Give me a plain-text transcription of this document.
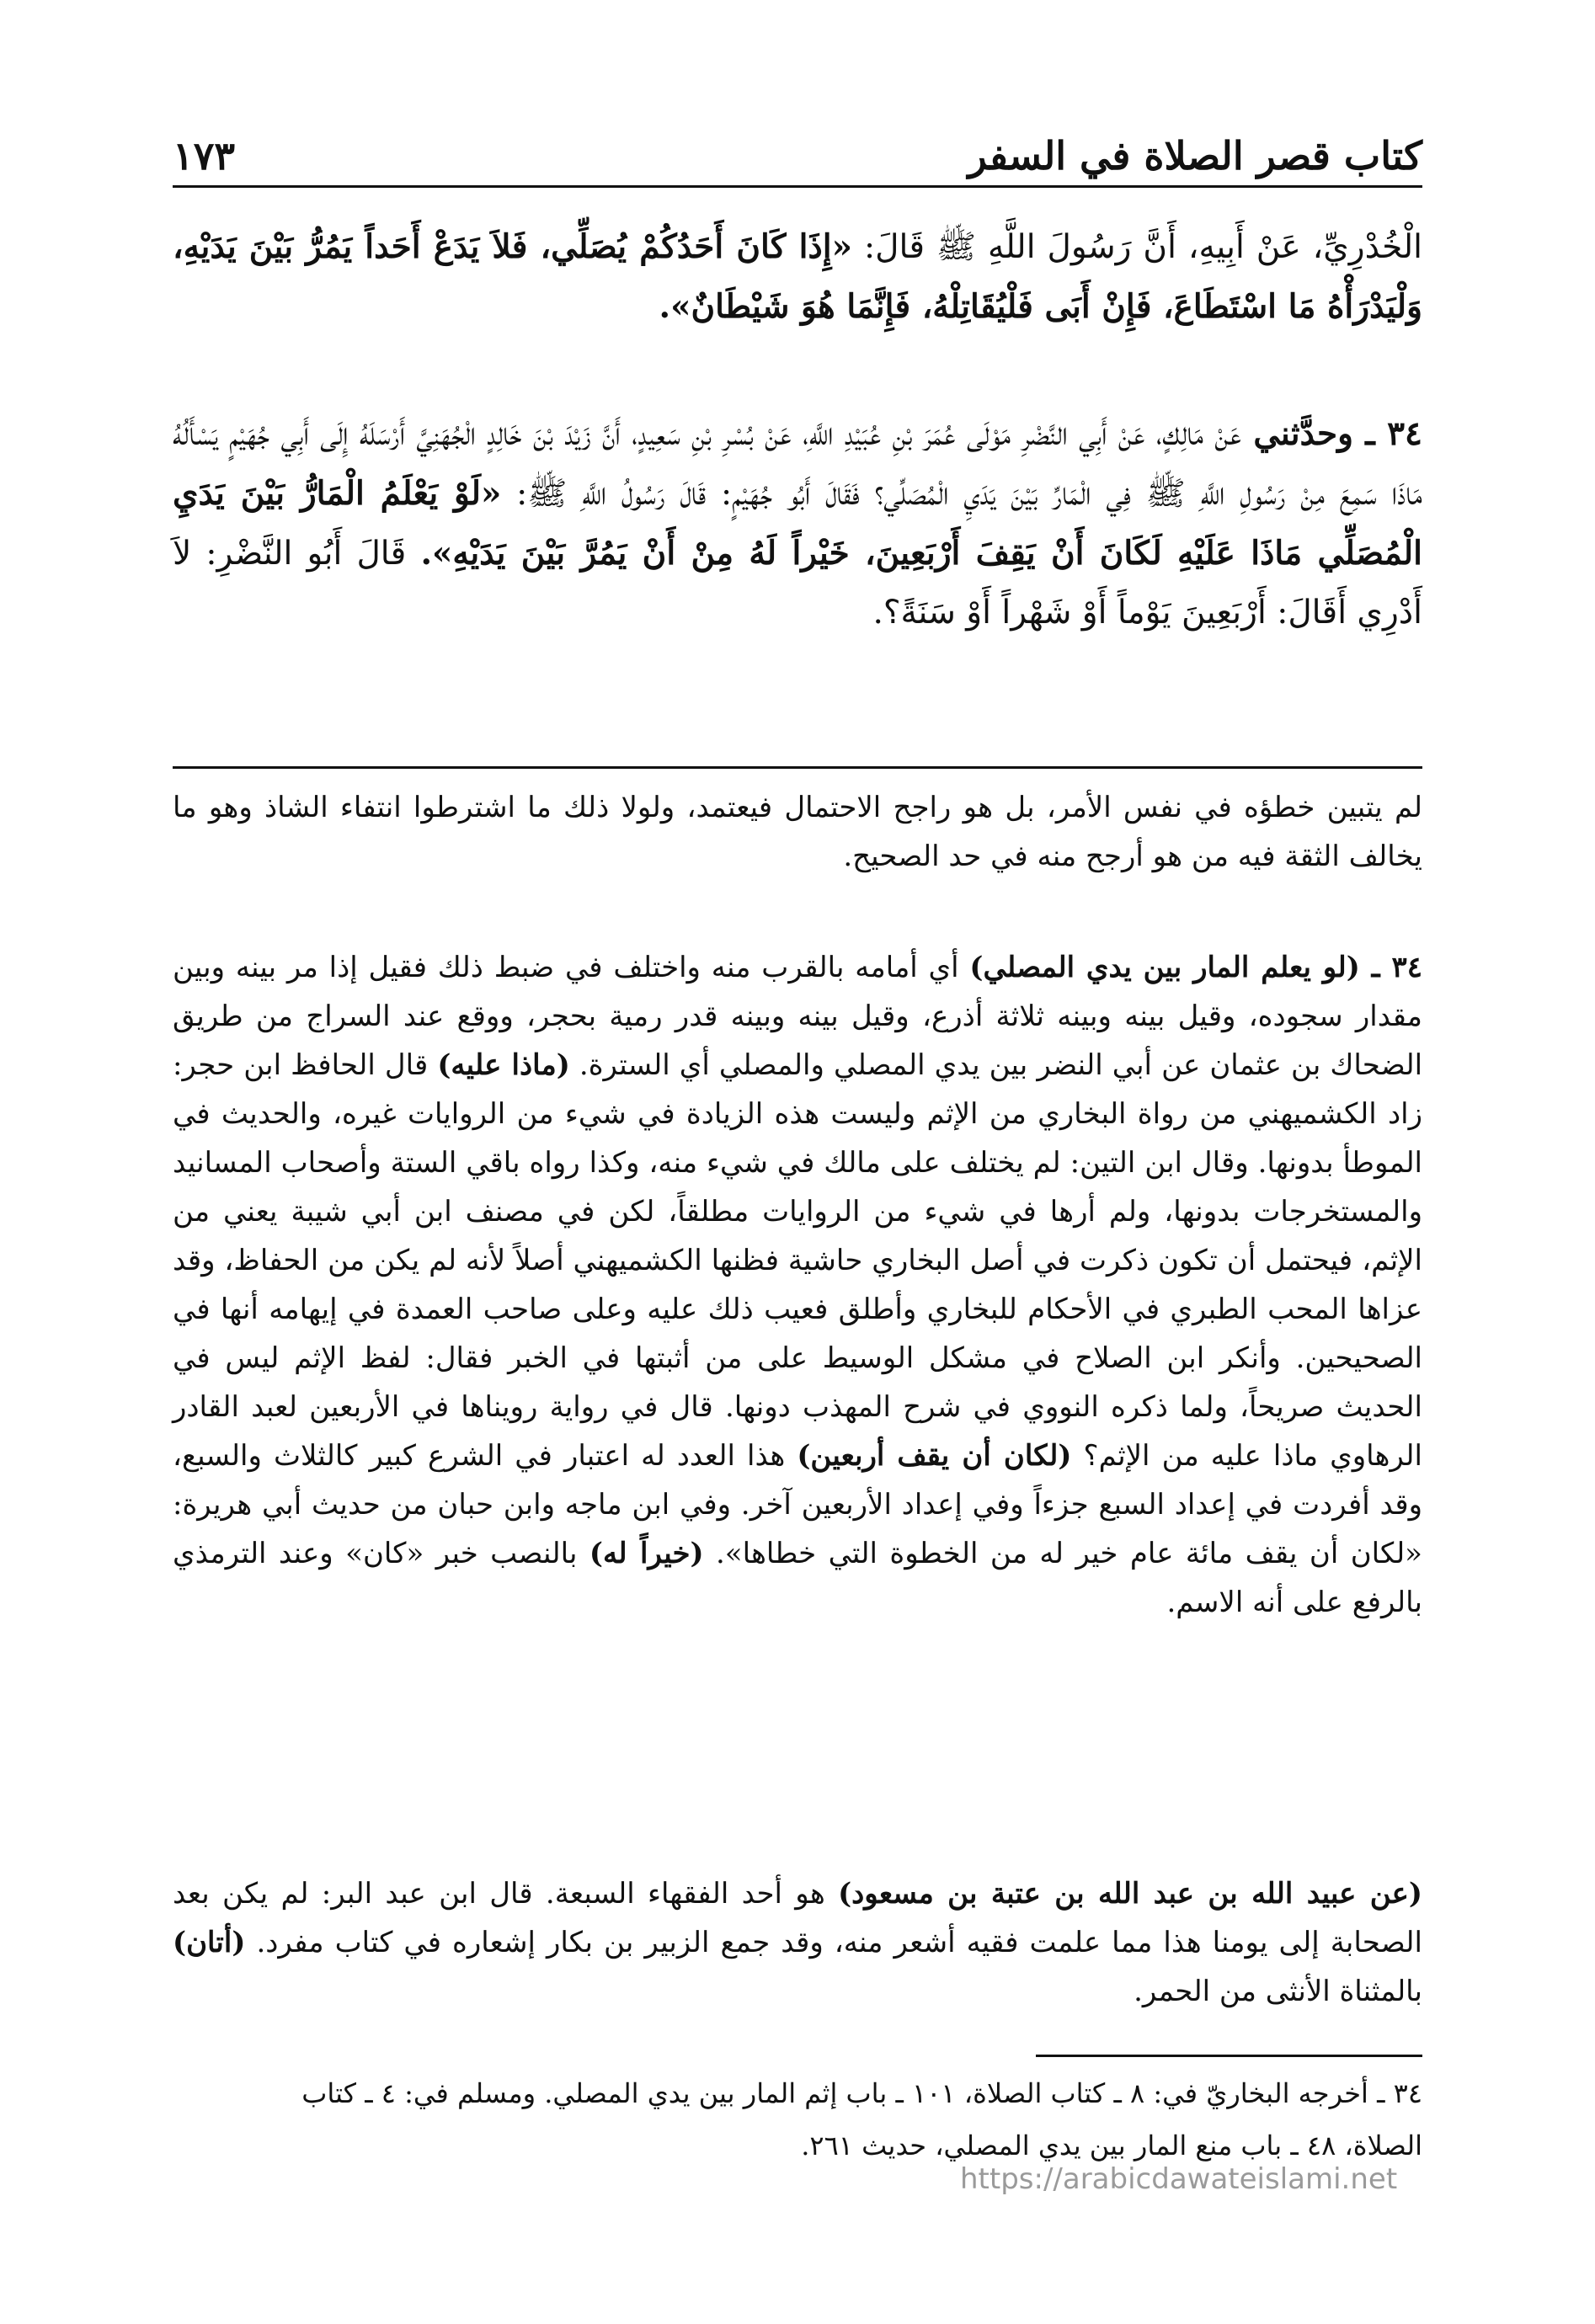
كتاب قصر الصلاة في السفر
١٧٣
الْخُدْرِيِّ، عَنْ أَبِيهِ، أَنَّ رَسُولَ اللَّهِ ﷺ قَالَ: «إِذَا كَانَ أَحَدُكُمْ يُصَلِّي، فَلاَ يَدَعْ أَحَداً يَمُرُّ بَيْنَ يَدَيْهِ، وَلْيَدْرَأْهُ مَا اسْتَطَاعَ، فَإِنْ أَبَى فَلْيُقَاتِلْهُ، فَإِنَّمَا هُوَ شَيْطَانٌ».
٣٤ ـ وحدَّثني عَنْ مَالِكٍ، عَنْ أَبِي النَّضْرِ مَوْلَى عُمَرَ بْنِ عُبَيْدِ اللَّهِ، عَنْ بُسْرِ بْنِ سَعِيدٍ، أَنَّ زَيْدَ بْنَ خَالِدٍ الْجُهَنِيَّ أَرْسَلَهُ إِلَى أَبِي جُهَيْمٍ يَسْأَلُهُ مَاذَا سَمِعَ مِنْ رَسُولِ اللَّهِ ﷺ فِي الْمَارِّ بَيْنَ يَدَيِ الْمُصَلِّي؟ فَقَالَ أَبُو جُهَيْمٍ: قَالَ رَسُولُ اللَّهِ ﷺ: «لَوْ يَعْلَمُ الْمَارُّ بَيْنَ يَدَيِ الْمُصَلِّي مَاذَا عَلَيْهِ لَكَانَ أَنْ يَقِفَ أَرْبَعِينَ، خَيْراً لَهُ مِنْ أَنْ يَمُرَّ بَيْنَ يَدَيْهِ». قَالَ أَبُو النَّضْرِ: لاَ أَدْرِي أَقَالَ: أَرْبَعِينَ يَوْماً أَوْ شَهْراً أَوْ سَنَةً؟.
لم يتبين خطؤه في نفس الأمر، بل هو راجح الاحتمال فيعتمد، ولولا ذلك ما اشترطوا انتفاء الشاذ وهو ما يخالف الثقة فيه من هو أرجح منه في حد الصحيح.
٣٤ ـ (لو يعلم المار بين يدي المصلي) أي أمامه بالقرب منه واختلف في ضبط ذلك فقيل إذا مر بينه وبين مقدار سجوده، وقيل بينه وبينه ثلاثة أذرع، وقيل بينه وبينه قدر رمية بحجر، ووقع عند السراج من طريق الضحاك بن عثمان عن أبي النضر بين يدي المصلي والمصلي أي السترة. (ماذا عليه) قال الحافظ ابن حجر: زاد الكشميهني من رواة البخاري من الإثم وليست هذه الزيادة في شيء من الروايات غيره، والحديث في الموطأ بدونها. وقال ابن التين: لم يختلف على مالك في شيء منه، وكذا رواه باقي الستة وأصحاب المسانيد والمستخرجات بدونها، ولم أرها في شيء من الروايات مطلقاً، لكن في مصنف ابن أبي شيبة يعني من الإثم، فيحتمل أن تكون ذكرت في أصل البخاري حاشية فظنها الكشميهني أصلاً لأنه لم يكن من الحفاظ، وقد عزاها المحب الطبري في الأحكام للبخاري وأطلق فعيب ذلك عليه وعلى صاحب العمدة في إيهامه أنها في الصحيحين. وأنكر ابن الصلاح في مشكل الوسيط على من أثبتها في الخبر فقال: لفظ الإثم ليس في الحديث صريحاً، ولما ذكره النووي في شرح المهذب دونها. قال في رواية رويناها في الأربعين لعبد القادر الرهاوي ماذا عليه من الإثم؟ (لكان أن يقف أربعين) هذا العدد له اعتبار في الشرع كبير كالثلاث والسبع، وقد أفردت في إعداد السبع جزءاً وفي إعداد الأربعين آخر. وفي ابن ماجه وابن حبان من حديث أبي هريرة: «لكان أن يقف مائة عام خير له من الخطوة التي خطاها». (خيراً له) بالنصب خبر «كان» وعند الترمذي بالرفع على أنه الاسم.
(عن عبيد الله بن عبد الله بن عتبة بن مسعود) هو أحد الفقهاء السبعة. قال ابن عبد البر: لم يكن بعد الصحابة إلى يومنا هذا مما علمت فقيه أشعر منه، وقد جمع الزبير بن بكار إشعاره في كتاب مفرد. (أتان) بالمثناة الأنثى من الحمر.
٣٤ ـ أخرجه البخاريّ في: ٨ ـ كتاب الصلاة، ١٠١ ـ باب إثم المار بين يدي المصلي. ومسلم في: ٤ ـ كتاب
الصلاة، ٤٨ ـ باب منع المار بين يدي المصلي، حديث ٢٦١.
https://arabicdawateislami.net
